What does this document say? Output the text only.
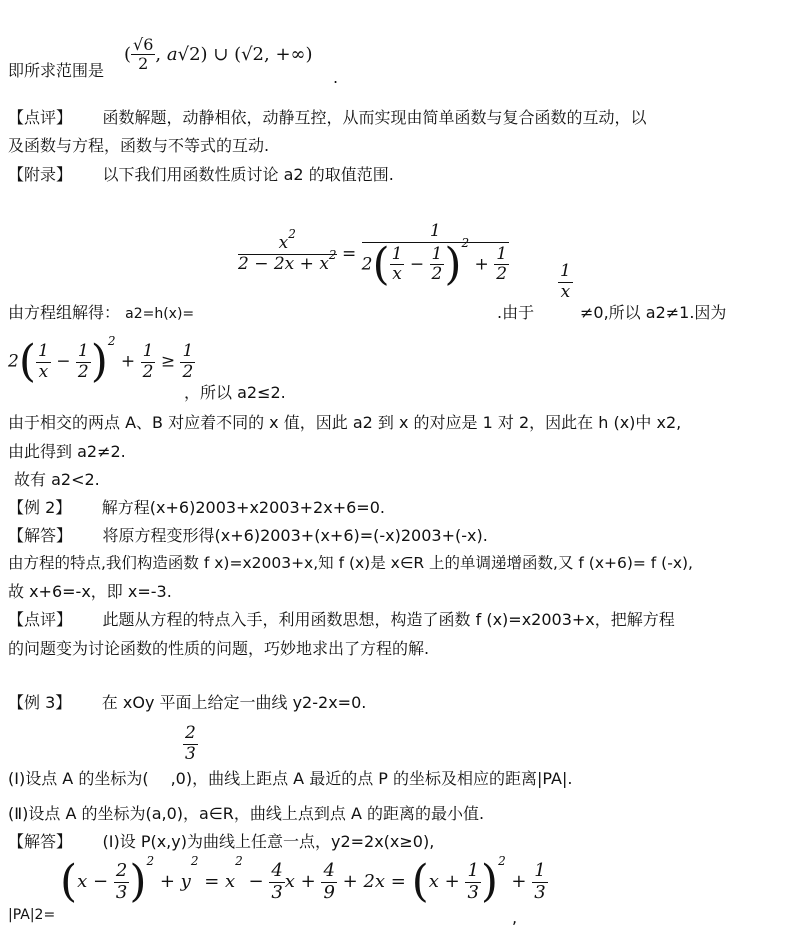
即所求范围是
( $\frac{√6}{2}$ , a√2) ∪ (√2, +∞)
.
【点评】 函数解题，动静相依，动静互控，从而实现由简单函数与复合函数的互动，以
及函数与方程，函数与不等式的互动.
【附录】 以下我们用函数性质讨论 a2 的取值范围.
$\frac{x^2}{2 - 2x + x^2} = \frac{1}{2( \frac{1}{x} - \frac{1}{2} )^2 + \frac{1}{2}}$
由方程组解得： a2=h(x)=	.由于
$\frac{1}{x}$
≠0,所以 a2≠1.因为
$2( \frac{1}{x} - \frac{1}{2} )^2 + \frac{1}{2} \ge \frac{1}{2}$
，所以 a2≤2.
由于相交的两点 A、B 对应着不同的 x 值，因此 a2 到 x 的对应是 1 对 2，因此在 h (x)中 x2,
由此得到 a2≠2.
故有 a2<2.
【例 2】 解方程(x+6)2003+x2003+2x+6=0.
【解答】 将原方程变形得(x+6)2003+(x+6)=(-x)2003+(-x).
由方程的特点,我们构造函数 f x)=x2003+x,知 f (x)是 x∈R 上的单调递增函数,又 f (x+6)= f (-x),
故 x+6=-x，即 x=-3.
【点评】 此题从方程的特点入手，利用函数思想，构造了函数 f (x)=x2003+x，把解方程
的问题变为讨论函数的性质的问题，巧妙地求出了方程的解.
【例 3】 在 xOy 平面上给定一曲线 y2-2x=0.
$\frac{2}{3}$
(Ⅰ)设点 A 的坐标为( ,0)，曲线上距点 A 最近的点 P 的坐标及相应的距离|PA|.
(Ⅱ)设点 A 的坐标为(a,0)，a∈R，曲线上点到点 A 的距离的最小值.
【解答】 (Ⅰ)设 P(x,y)为曲线上任意一点，y2=2x(x≥0),
|PA|2=
$(x - \frac{2}{3} )^2 + y^2 = x^2 - \frac{4}{3}$ $x + \frac{4}{9} + 2x = (x + \frac{1}{3} )^2 + \frac{1}{3}$
,
